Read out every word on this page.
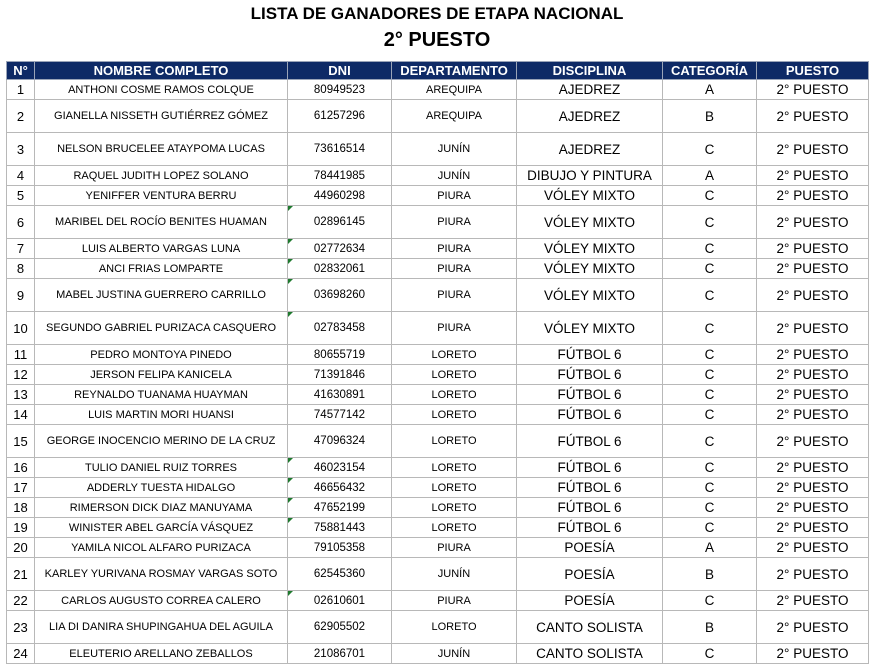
LISTA DE GANADORES DE ETAPA NACIONAL
2° PUESTO
N°	NOMBRE COMPLETO	DNI	DEPARTAMENTO	DISCIPLINA	CATEGORÍA	PUESTO
1	ANTHONI COSME RAMOS COLQUE	80949523	AREQUIPA	AJEDREZ	A	2° PUESTO
2	GIANELLA NISSETH GUTIÉRREZ GÓMEZ	61257296	AREQUIPA	AJEDREZ	B	2° PUESTO
3	NELSON BRUCELEE ATAYPOMA LUCAS	73616514	JUNÍN	AJEDREZ	C	2° PUESTO
4	RAQUEL JUDITH LOPEZ SOLANO	78441985	JUNÍN	DIBUJO Y PINTURA	A	2° PUESTO
5	YENIFFER VENTURA BERRU	44960298	PIURA	VÓLEY MIXTO	C	2° PUESTO
6	MARIBEL DEL ROCÍO BENITES HUAMAN	02896145	PIURA	VÓLEY MIXTO	C	2° PUESTO
7	LUIS ALBERTO VARGAS LUNA	02772634	PIURA	VÓLEY MIXTO	C	2° PUESTO
8	ANCI FRIAS LOMPARTE	02832061	PIURA	VÓLEY MIXTO	C	2° PUESTO
9	MABEL JUSTINA GUERRERO CARRILLO	03698260	PIURA	VÓLEY MIXTO	C	2° PUESTO
10	SEGUNDO GABRIEL PURIZACA CASQUERO	02783458	PIURA	VÓLEY MIXTO	C	2° PUESTO
11	PEDRO MONTOYA PINEDO	80655719	LORETO	FÚTBOL 6	C	2° PUESTO
12	JERSON FELIPA KANICELA	71391846	LORETO	FÚTBOL 6	C	2° PUESTO
13	REYNALDO TUANAMA HUAYMAN	41630891	LORETO	FÚTBOL 6	C	2° PUESTO
14	LUIS MARTIN MORI HUANSI	74577142	LORETO	FÚTBOL 6	C	2° PUESTO
15	GEORGE INOCENCIO MERINO DE LA CRUZ	47096324	LORETO	FÚTBOL 6	C	2° PUESTO
16	TULIO DANIEL RUIZ TORRES	46023154	LORETO	FÚTBOL 6	C	2° PUESTO
17	ADDERLY TUESTA HIDALGO	46656432	LORETO	FÚTBOL 6	C	2° PUESTO
18	RIMERSON DICK DIAZ MANUYAMA	47652199	LORETO	FÚTBOL 6	C	2° PUESTO
19	WINISTER ABEL GARCÍA VÁSQUEZ	75881443	LORETO	FÚTBOL 6	C	2° PUESTO
20	YAMILA NICOL ALFARO PURIZACA	79105358	PIURA	POESÍA	A	2° PUESTO
21	KARLEY YURIVANA ROSMAY VARGAS SOTO	62545360	JUNÍN	POESÍA	B	2° PUESTO
22	CARLOS AUGUSTO CORREA CALERO	02610601	PIURA	POESÍA	C	2° PUESTO
23	LIA DI DANIRA SHUPINGAHUA DEL AGUILA	62905502	LORETO	CANTO SOLISTA	B	2° PUESTO
24	ELEUTERIO ARELLANO ZEBALLOS	21086701	JUNÍN	CANTO SOLISTA	C	2° PUESTO
